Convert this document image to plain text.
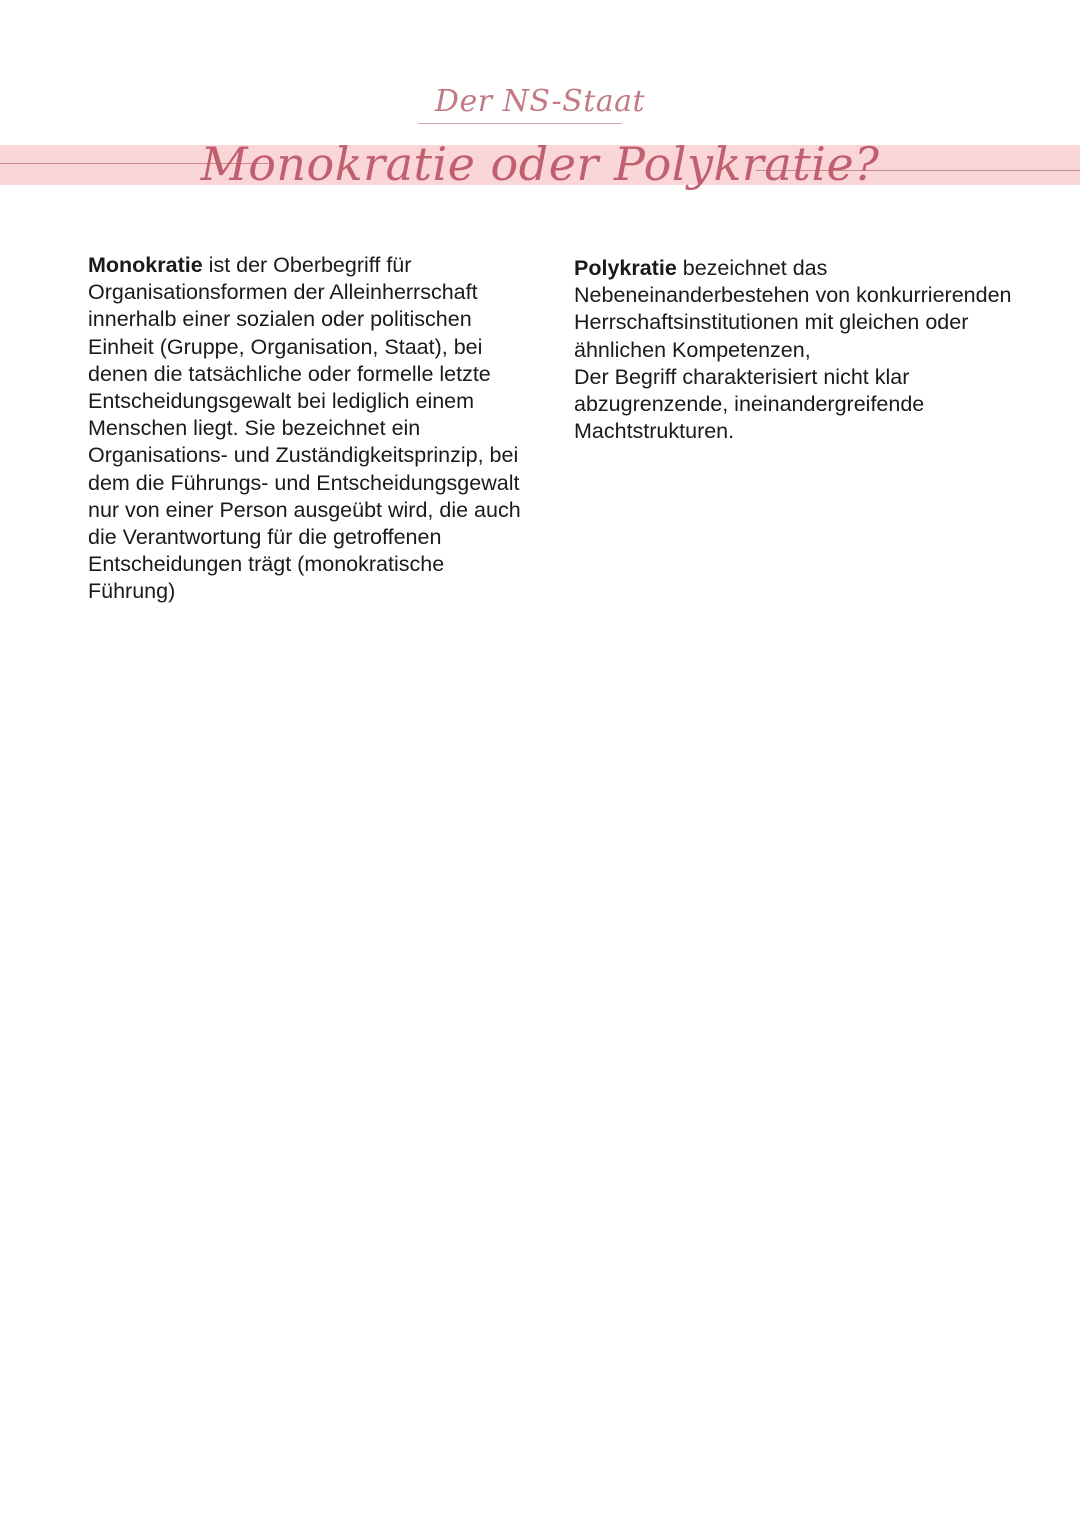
Der NS-Staat
Monokratie oder Polykratie?
Monokratie ist der Oberbegriff für Organisationsformen der Alleinherrschaft innerhalb einer sozialen oder politischen Einheit (Gruppe, Organisation, Staat), bei denen die tatsächliche oder formelle letzte Entscheidungsgewalt bei lediglich einem Menschen liegt. Sie bezeichnet ein Organisations- und Zuständigkeitsprinzip, bei dem die Führungs- und Entscheidungsgewalt nur von einer Person ausgeübt wird, die auch die Verantwortung für die getroffenen Entscheidungen trägt (monokratische Führung)
Polykratie bezeichnet das Nebeneinanderbestehen von konkurrierenden Herrschaftsinstitutionen mit gleichen oder ähnlichen Kompetenzen,
Der Begriff charakterisiert nicht klar abzugrenzende, ineinandergreifende Machtstrukturen.
